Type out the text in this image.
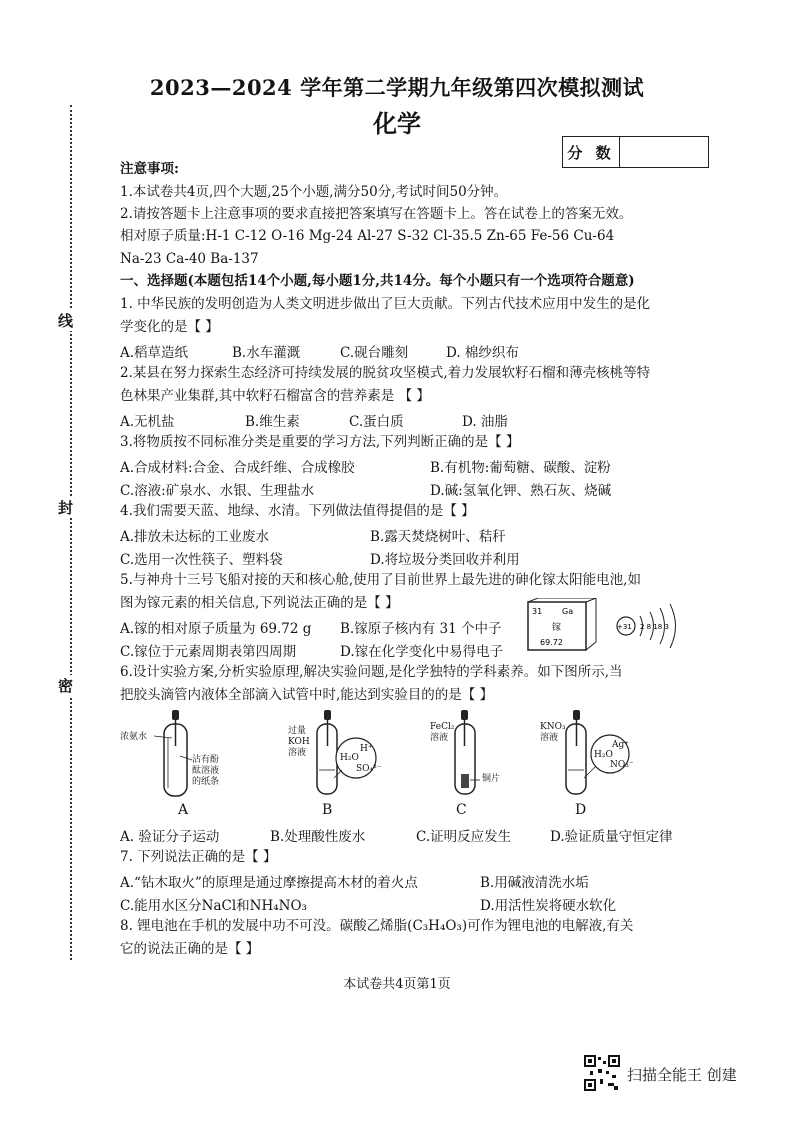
2023—2024 学年第二学期九年级第四次模拟测试
化学
分 数
线
封
密
注意事项:
1.本试卷共4页,四个大题,25个小题,满分50分,考试时间50分钟。
2.请按答题卡上注意事项的要求直接把答案填写在答题卡上。答在试卷上的答案无效。
相对原子质量:H-1 C-12 O-16 Mg-24 Al-27 S-32 Cl-35.5 Zn-65 Fe-56 Cu-64
Na-23 Ca-40 Ba-137
一、选择题(本题包括14个小题,每小题1分,共14分。每个小题只有一个选项符合题意)
1. 中华民族的发明创造为人类文明进步做出了巨大贡献。下列古代技术应用中发生的是化
学变化的是【 】
A.稻草造纸	B.水车灌溉	C.砚台雕刻	D. 棉纱织布
2.某县在努力探索生态经济可持续发展的脱贫攻坚模式,着力发展软籽石榴和薄壳核桃等特
色林果产业集群,其中软籽石榴富含的营养素是 【 】
A.无机盐	B.维生素	C.蛋白质	D. 油脂
3.将物质按不同标准分类是重要的学习方法,下列判断正确的是【 】
A.合成材料:合金、合成纤维、合成橡胶	B.有机物:葡萄糖、碳酸、淀粉
C.溶液:矿泉水、水银、生理盐水	D.碱:氢氧化钾、熟石灰、烧碱
4.我们需要天蓝、地绿、水清。下列做法值得提倡的是【 】
A.排放未达标的工业废水	B.露天焚烧树叶、秸秆
C.选用一次性筷子、塑料袋	D.将垃圾分类回收并利用
5.与神舟十三号飞船对接的天和核心舱,使用了目前世界上最先进的砷化镓太阳能电池,如
图为镓元素的相关信息,下列说法正确的是【 】
A.镓的相对原子质量为 69.72 g B.镓原子核内有 31 个中子
C.镓位于元素周期表第四周期	D.镓在化学变化中易得电子
31 Ga
镓
69.72
+31 2 8 18 3
6.设计实验方案,分析实验原理,解决实验问题,是化学独特的学科素养。如下图所示,当
把胶头滴管内液体全部滴入试管中时,能达到实验目的的是【 】
浓氨水
沾有酚
酞溶液
的纸条
A
过量
KOH
溶液	H⁺
H₂O
SO₄²⁻
B
FeCl₂
溶液
铜片
C
KNO₃
溶液
Ag⁺
H₂O
NO₃⁻
D
A. 验证分子运动	B.处理酸性废水	C.证明反应发生	D.验证质量守恒定律
7. 下列说法正确的是【 】
A.“钻木取火”的原理是通过摩擦提高木材的着火点	B.用碱液清洗水垢
C.能用水区分NaCl和NH₄NO₃	D.用活性炭将硬水软化
8. 锂电池在手机的发展中功不可没。碳酸乙烯脂(C₃H₄O₃)可作为锂电池的电解液,有关
它的说法正确的是【 】
本试卷共4页第1页
扫描全能王 创建
